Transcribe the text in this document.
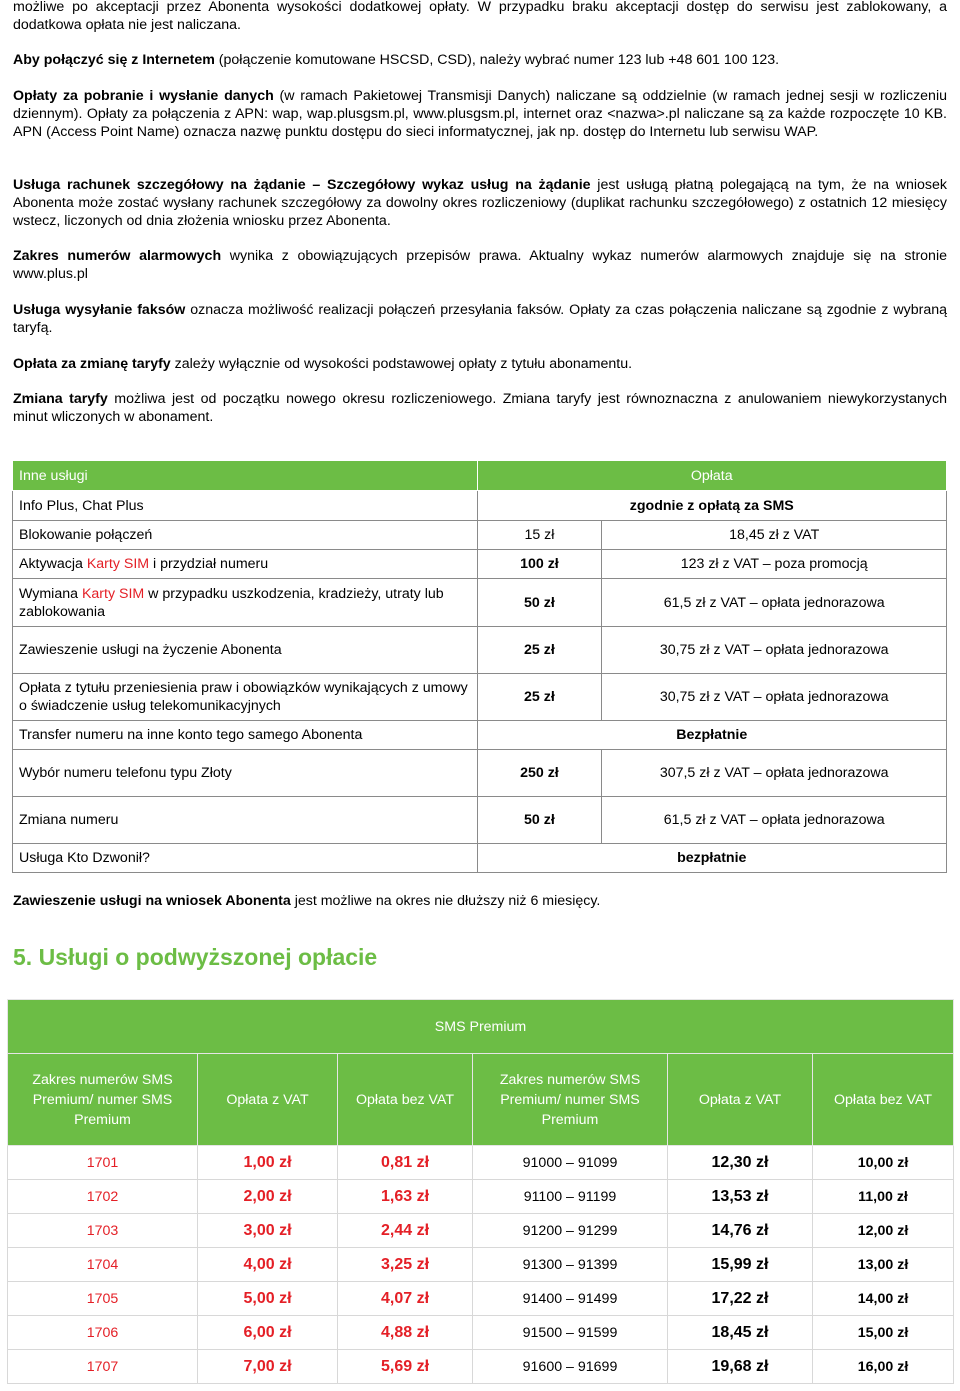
możliwe po akceptacji przez Abonenta wysokości dodatkowej opłaty. W przypadku braku akceptacji dostęp do serwisu jest zablokowany, a dodatkowa opłata nie jest naliczana.

Aby połączyć się z Internetem (połączenie komutowane HSCSD, CSD), należy wybrać numer 123 lub +48 601 100 123.

Opłaty za pobranie i wysłanie danych (w ramach Pakietowej Transmisji Danych) naliczane są oddzielnie (w ramach jednej sesji w rozliczeniu dziennym). Opłaty za połączenia z APN: wap, wap.plusgsm.pl, www.plusgsm.pl, internet oraz <nazwa>.pl naliczane są za każde rozpoczęte 10 KB. APN (Access Point Name) oznacza nazwę punktu dostępu do sieci informatycznej, jak np. dostęp do Internetu lub serwisu WAP.

Usługa rachunek szczegółowy na żądanie – Szczegółowy wykaz usług na żądanie jest usługą płatną polegającą na tym, że na wniosek Abonenta może zostać wysłany rachunek szczegółowy za dowolny okres rozliczeniowy (duplikat rachunku szczegółowego) z ostatnich 12 miesięcy wstecz, liczonych od dnia złożenia wniosku przez Abonenta.

Zakres numerów alarmowych wynika z obowiązujących przepisów prawa. Aktualny wykaz numerów alarmowych znajduje się na stronie www.plus.pl

Usługa wysyłanie faksów oznacza możliwość realizacji połączeń przesyłania faksów. Opłaty za czas połączenia naliczane są zgodnie z wybraną taryfą.

Opłata za zmianę taryfy zależy wyłącznie od wysokości podstawowej opłaty z tytułu abonamentu.

Zmiana taryfy możliwa jest od początku nowego okresu rozliczeniowego. Zmiana taryfy jest równoznaczna z anulowaniem niewykorzystanych minut wliczonych w abonament.

Inne usługi	Opłata	
Info Plus, Chat Plus	zgodnie z opłatą za SMS	
Blokowanie połączeń	15 zł	18,45 zł z VAT
Aktywacja Karty SIM i przydział numeru	100 zł	123 zł z VAT – poza promocją
Wymiana Karty SIM w przypadku uszkodzenia, kradzieży, utraty lub zablokowania	50 zł	61,5 zł z VAT – opłata jednorazowa
Zawieszenie usługi na życzenie Abonenta	25 zł	30,75 zł z VAT – opłata jednorazowa
Opłata z tytułu przeniesienia praw i obowiązków wynikających z umowy o świadczenie usług telekomunikacyjnych	25 zł	30,75 zł z VAT – opłata jednorazowa
Transfer numeru na inne konto tego samego Abonenta	Bezpłatnie	
Wybór numeru telefonu typu Złoty	250 zł	307,5 zł z VAT – opłata jednorazowa
Zmiana numeru	50 zł	61,5 zł z VAT – opłata jednorazowa
Usługa Kto Dzwonił?	bezpłatnie	

Zawieszenie usługi na wniosek Abonenta jest możliwe na okres nie dłuższy niż 6 miesięcy.

5. Usługi o podwyższonej opłacie
SMS Premium					
Zakres numerów SMS Premium/ numer SMS Premium	Opłata z VAT	Opłata bez VAT	Zakres numerów SMS Premium/ numer SMS Premium	Opłata z VAT	Opłata bez VAT
1701	1,00 zł	0,81 zł	91000 – 91099	12,30 zł	10,00 zł
1702	2,00 zł	1,63 zł	91100 – 91199	13,53 zł	11,00 zł
1703	3,00 zł	2,44 zł	91200 – 91299	14,76 zł	12,00 zł
1704	4,00 zł	3,25 zł	91300 – 91399	15,99 zł	13,00 zł
1705	5,00 zł	4,07 zł	91400 – 91499	17,22 zł	14,00 zł
1706	6,00 zł	4,88 zł	91500 – 91599	18,45 zł	15,00 zł
1707	7,00 zł	5,69 zł	91600 – 91699	19,68 zł	16,00 zł
